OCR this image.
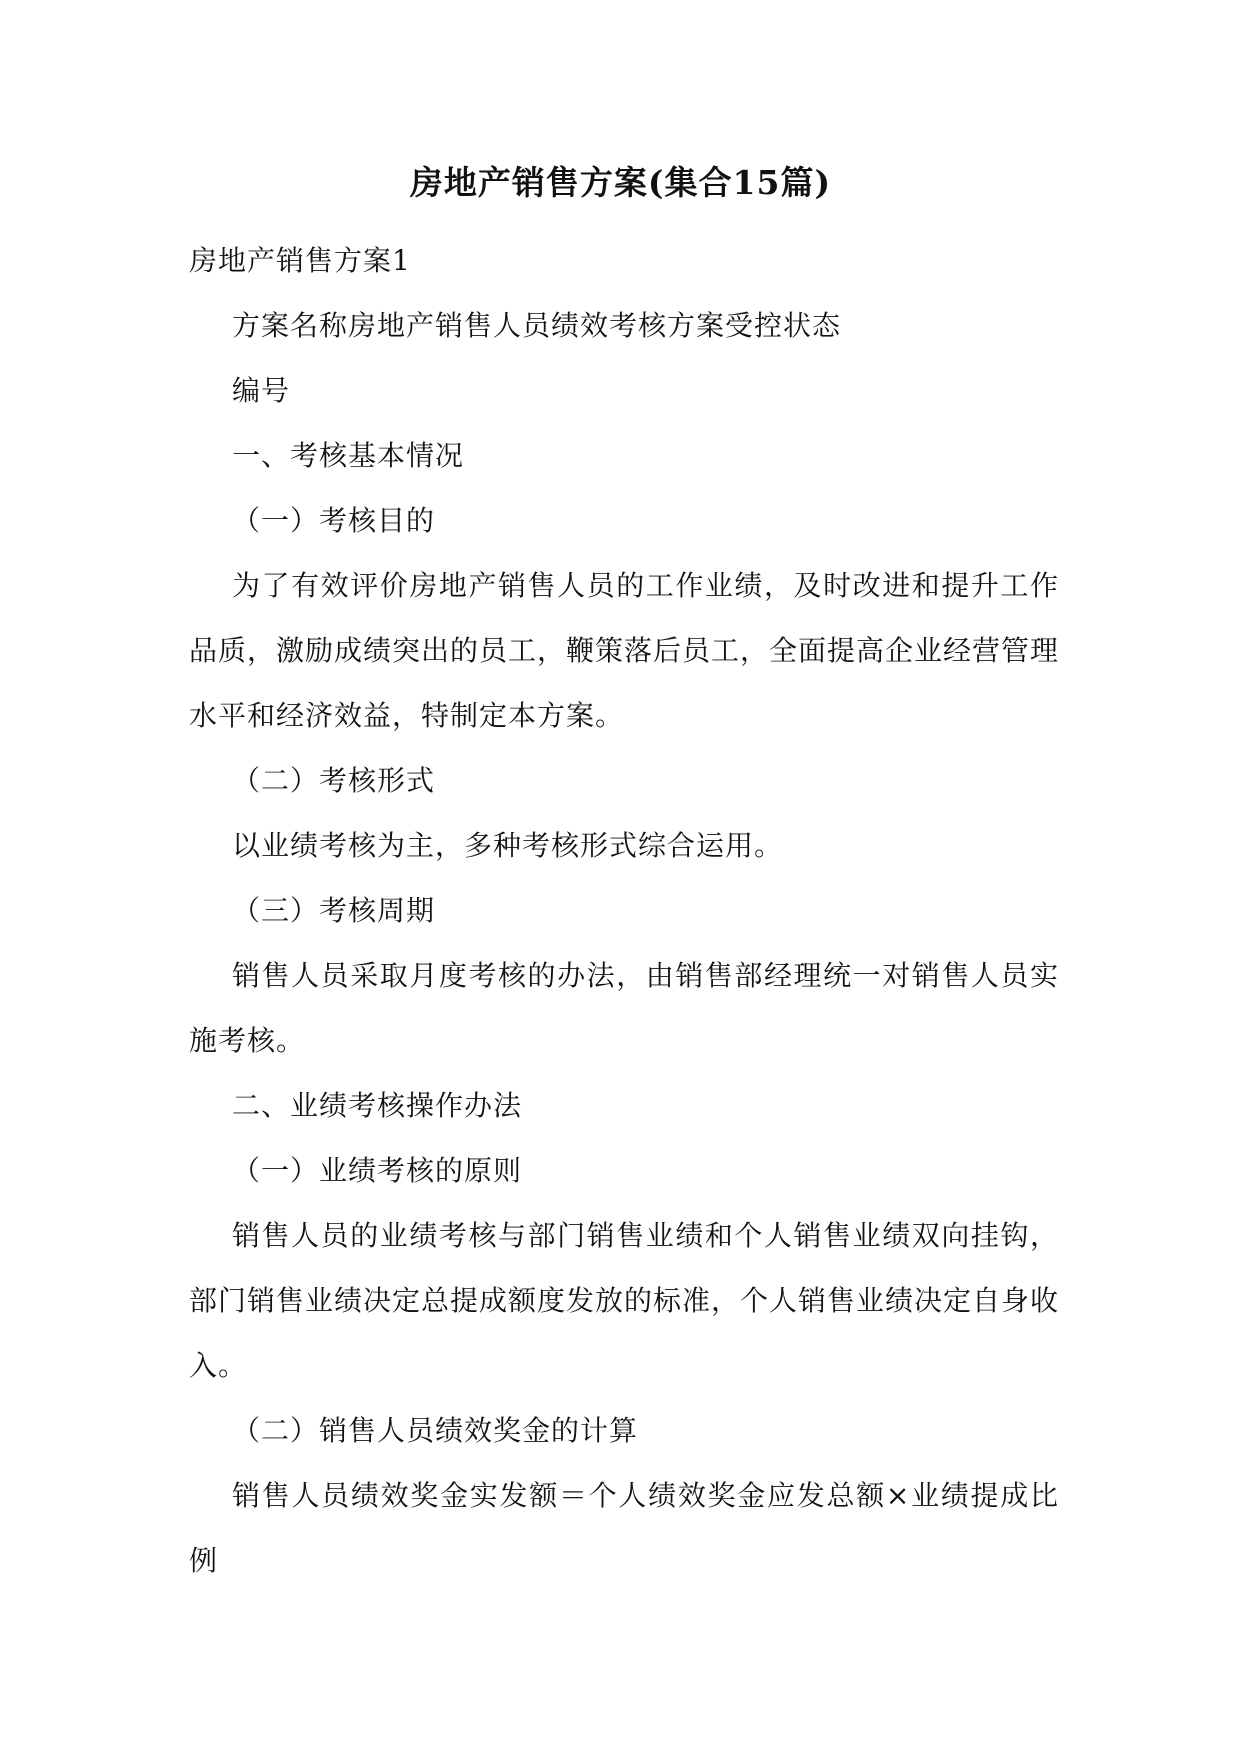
房地产销售方案(集合15篇)

房地产销售方案1

方案名称房地产销售人员绩效考核方案受控状态

编号

一、考核基本情况

（一）考核目的

为了有效评价房地产销售人员的工作业绩，及时改进和提升工作品质，激励成绩突出的员工，鞭策落后员工，全面提高企业经营管理水平和经济效益，特制定本方案。

（二）考核形式

以业绩考核为主，多种考核形式综合运用。

（三）考核周期

销售人员采取月度考核的办法，由销售部经理统一对销售人员实施考核。

二、业绩考核操作办法

（一）业绩考核的原则

销售人员的业绩考核与部门销售业绩和个人销售业绩双向挂钩，部门销售业绩决定总提成额度发放的标准，个人销售业绩决定自身收入。

（二）销售人员绩效奖金的计算

销售人员绩效奖金实发额＝个人绩效奖金应发总额×业绩提成比例
